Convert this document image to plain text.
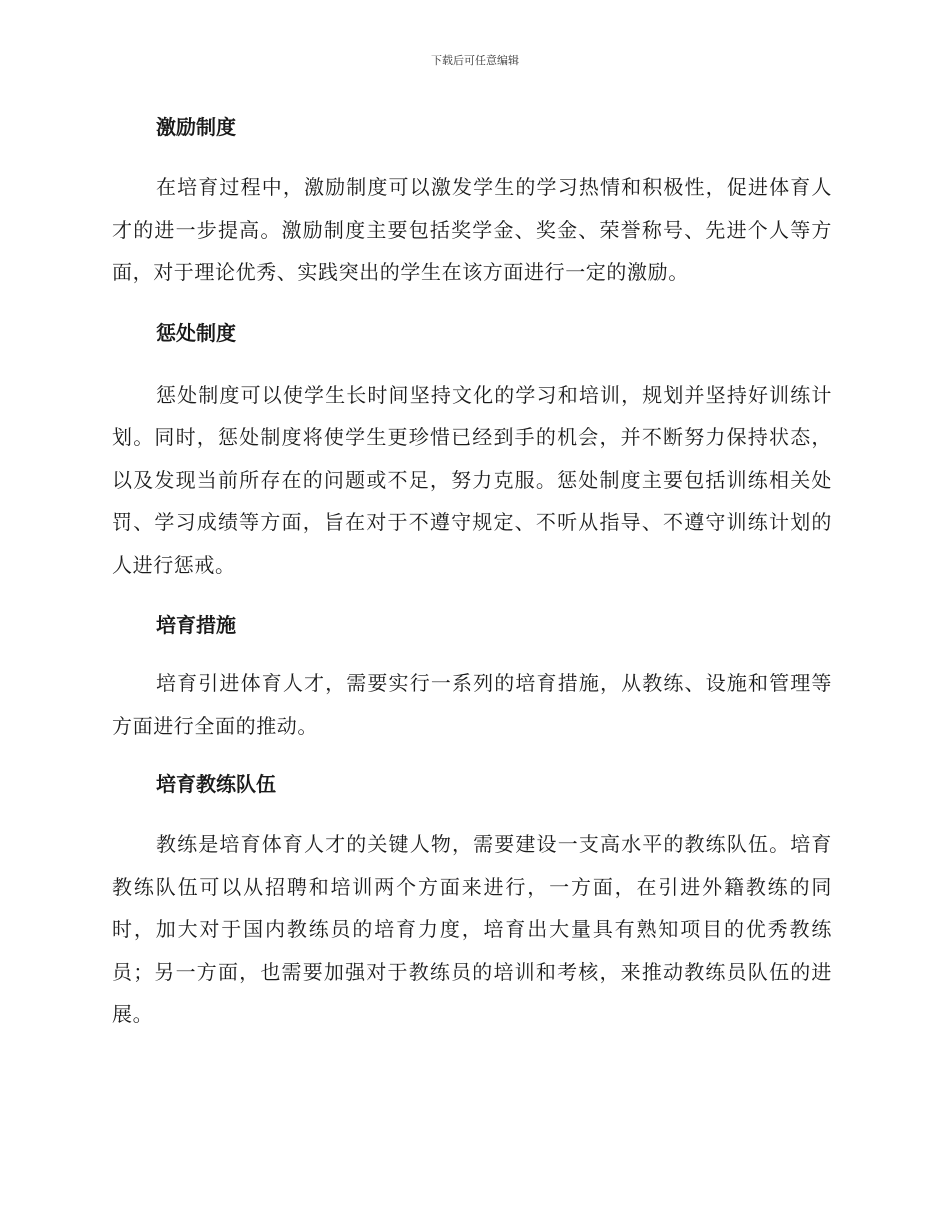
下载后可任意编辑
激励制度

在培育过程中，激励制度可以激发学生的学习热情和积极性，促进体育人才的进一步提高。激励制度主要包括奖学金、奖金、荣誉称号、先进个人等方面，对于理论优秀、实践突出的学生在该方面进行一定的激励。

惩处制度

惩处制度可以使学生长时间坚持文化的学习和培训，规划并坚持好训练计划。同时，惩处制度将使学生更珍惜已经到手的机会，并不断努力保持状态，以及发现当前所存在的问题或不足，努力克服。惩处制度主要包括训练相关处罚、学习成绩等方面，旨在对于不遵守规定、不听从指导、不遵守训练计划的人进行惩戒。

培育措施

培育引进体育人才，需要实行一系列的培育措施，从教练、设施和管理等方面进行全面的推动。

培育教练队伍

教练是培育体育人才的关键人物，需要建设一支高水平的教练队伍。培育教练队伍可以从招聘和培训两个方面来进行，一方面，在引进外籍教练的同时，加大对于国内教练员的培育力度，培育出大量具有熟知项目的优秀教练员；另一方面，也需要加强对于教练员的培训和考核，来推动教练员队伍的进展。
